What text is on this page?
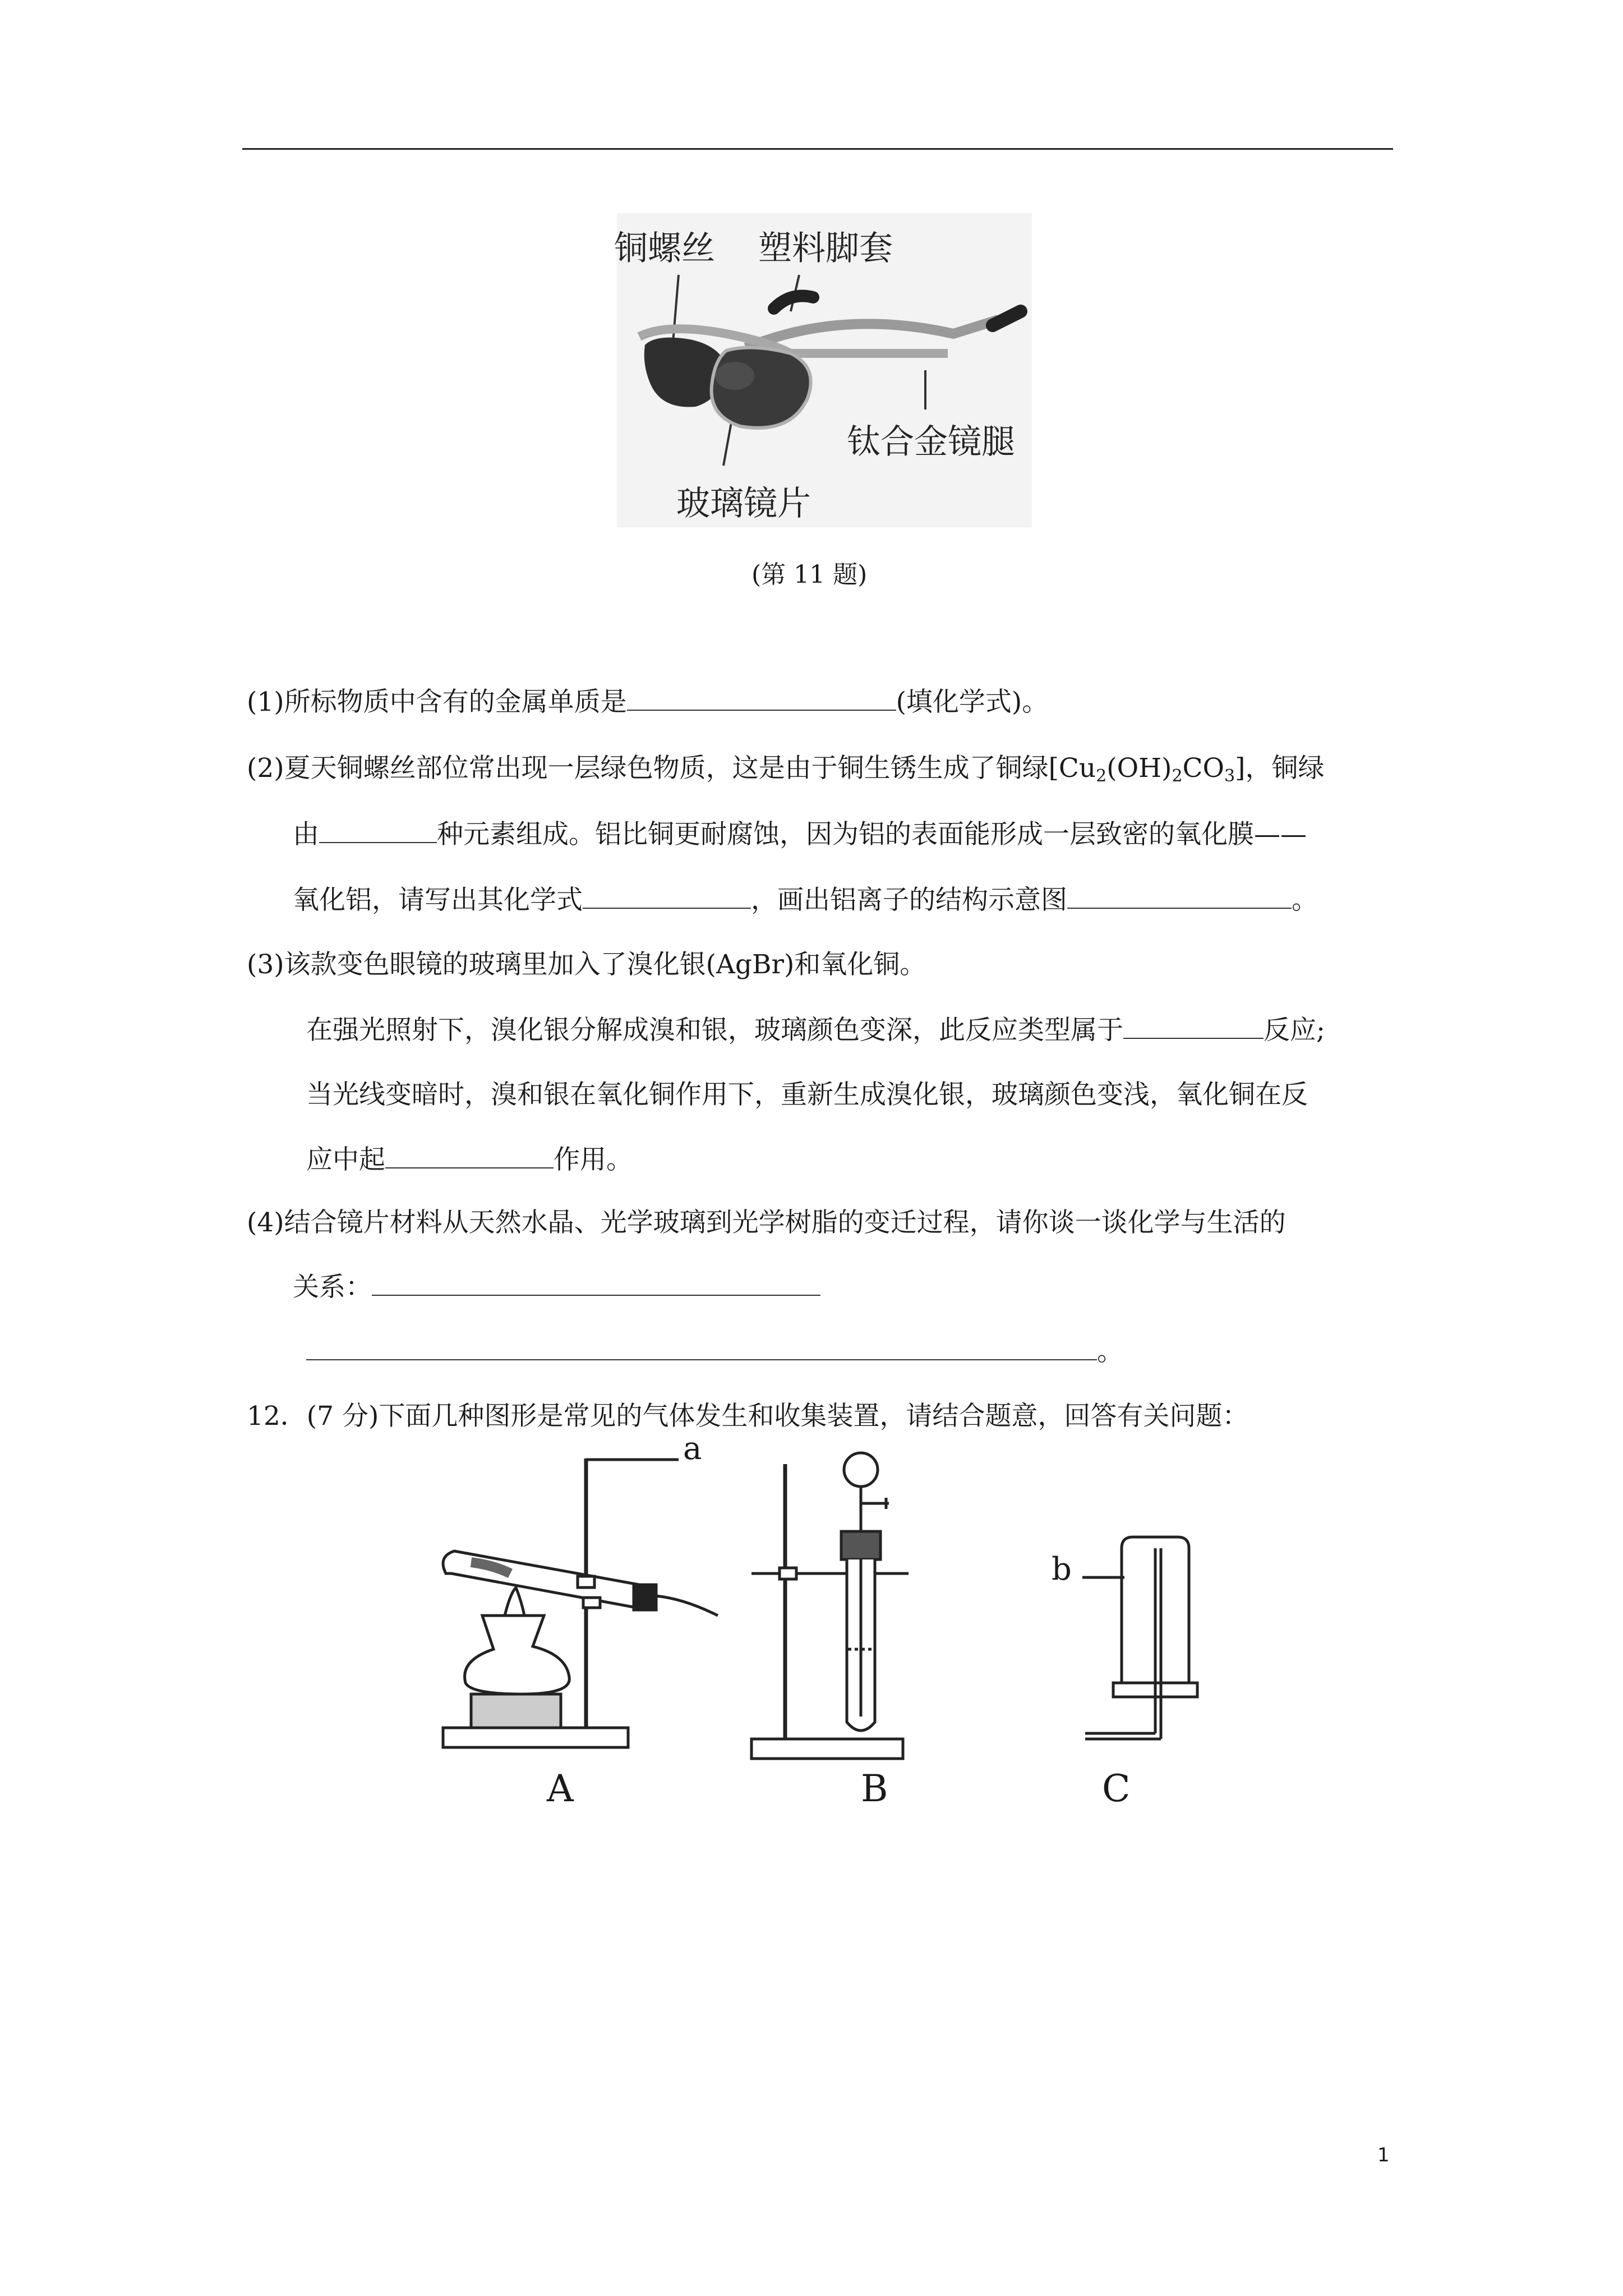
铜螺丝 塑料脚套
钛合金镜腿
玻璃镜片
(第 11 题)
(1)所标物质中含有的金属单质是	(填化学式)。
(2)夏天铜螺丝部位常出现一层绿色物质，这是由于铜生锈生成了铜绿$[Cu_2(OH)_2CO_3]$，铜绿
由	种元素组成。铝比铜更耐腐蚀，因为铝的表面能形成一层致密的氧化膜——
氧化铝，请写出其化学式	，画出铝离子的结构示意图	。
(3)该款变色眼镜的玻璃里加入了溴化银(AgBr)和氧化铜。
在强光照射下，溴化银分解成溴和银，玻璃颜色变深，此反应类型属于	反应;
当光线变暗时，溴和银在氧化铜作用下，重新生成溴化银，玻璃颜色变浅，氧化铜在反
应中起	作用。
(4)结合镜片材料从天然水晶、光学玻璃到光学树脂的变迁过程，请你谈一谈化学与生活的
关系：
。
12．(7 分)下面几种图形是常见的气体发生和收集装置，请结合题意，回答有关问题：
a
b
A	B	C
1
